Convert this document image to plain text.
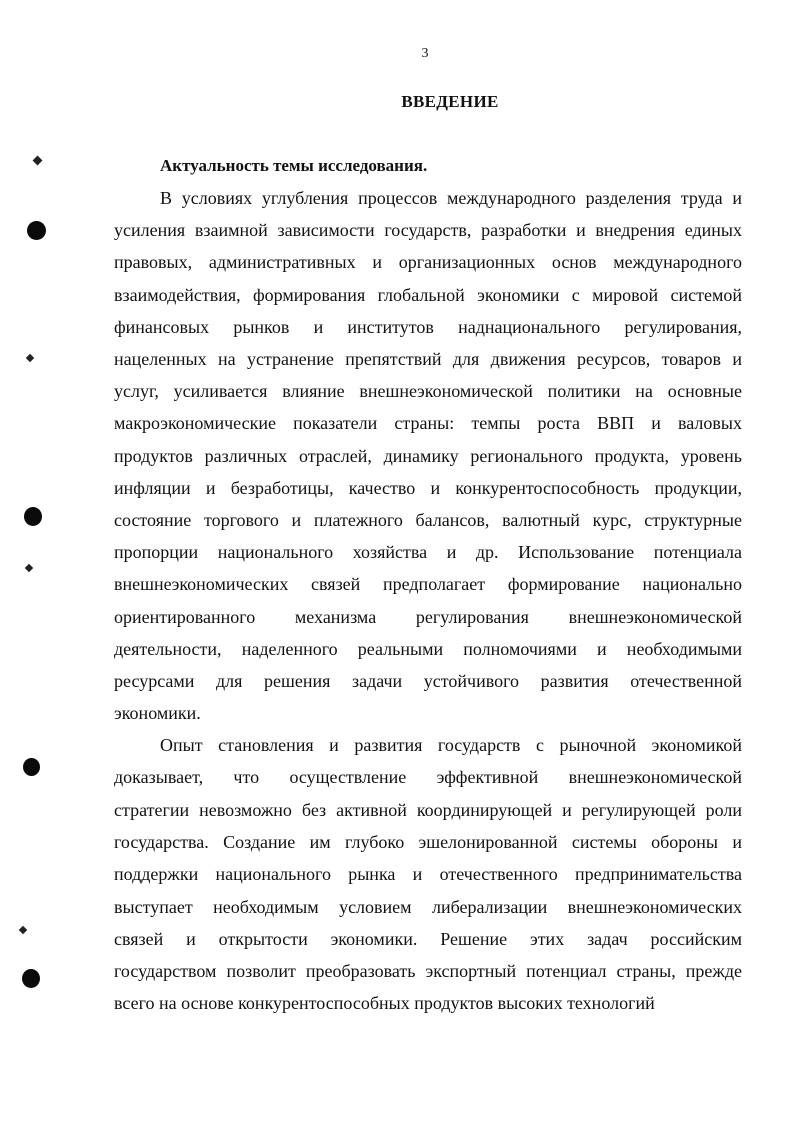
3
ВВЕДЕНИЕ
Актуальность темы исследования.
В условиях углубления процессов международного разделения труда и
усиления взаимной зависимости государств, разработки и внедрения единых
правовых, административных и организационных основ международного
взаимодействия, формирования глобальной экономики с мировой системой
финансовых рынков и институтов наднационального регулирования,
нацеленных на устранение препятствий для движения ресурсов, товаров и
услуг, усиливается влияние внешнеэкономической политики на основные
макроэкономические показатели страны: темпы роста ВВП и валовых
продуктов различных отраслей, динамику регионального продукта, уровень
инфляции и безработицы, качество и конкурентоспособность продукции,
состояние торгового и платежного балансов, валютный курс, структурные
пропорции национального хозяйства и др. Использование потенциала
внешнеэкономических связей предполагает формирование национально
ориентированного механизма регулирования внешнеэкономической
деятельности, наделенного реальными полномочиями и необходимыми
ресурсами для решения задачи устойчивого развития отечественной
экономики.
Опыт становления и развития государств с рыночной экономикой
доказывает, что осуществление эффективной внешнеэкономической
стратегии невозможно без активной координирующей и регулирующей роли
государства. Создание им глубоко эшелонированной системы обороны и
поддержки национального рынка и отечественного предпринимательства
выступает необходимым условием либерализации внешнеэкономических
связей и открытости экономики. Решение этих задач российским
государством позволит преобразовать экспортный потенциал страны, прежде
всего на основе конкурентоспособных продуктов высоких технологий
